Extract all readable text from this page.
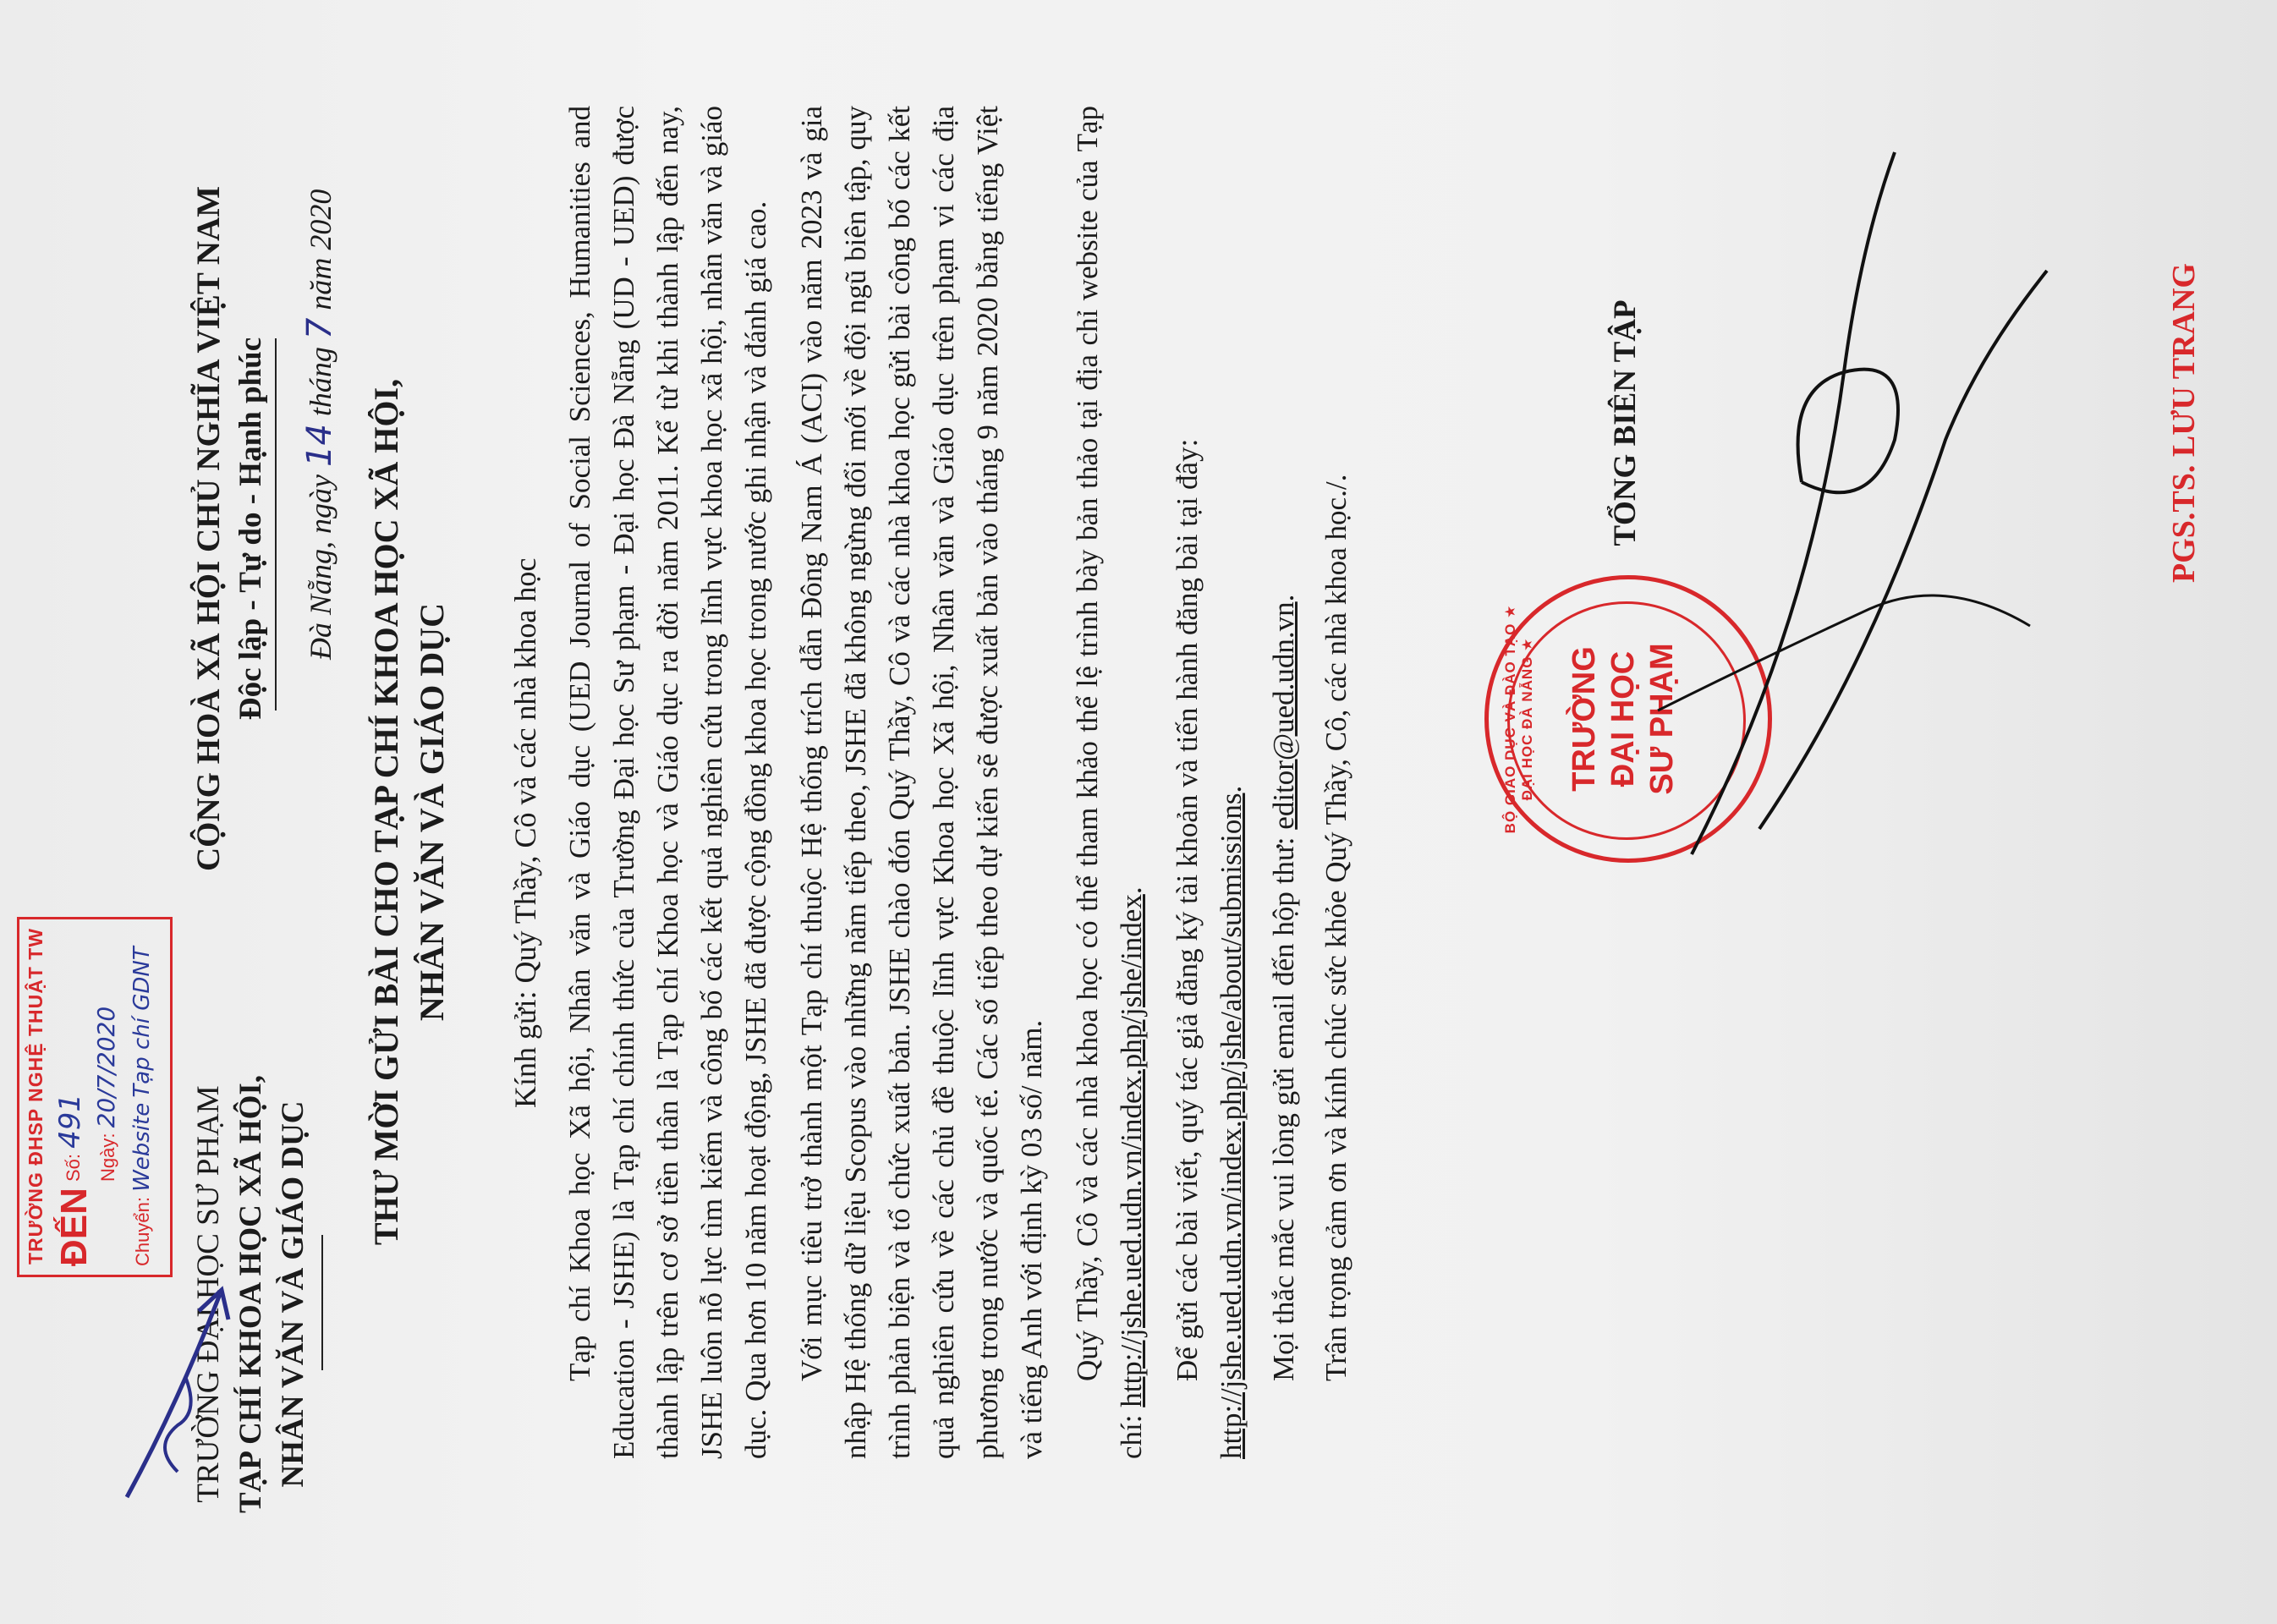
TRƯỜNG ĐẠI HỌC SƯ PHẠM TẠP CHÍ KHOA HỌC XÃ HỘI, NHÂN VĂN VÀ GIÁO DỤC
CỘNG HOÀ XÃ HỘI CHỦ NGHĨA VIỆT NAM Độc lập - Tự do - Hạnh phúc Đà Nẵng, ngày 14 tháng 7 năm 2020
TRƯỜNG ĐHSP NGHỆ THUẬT TW ĐẾN
Số: 491
Ngày: 20/7/2020
Chuyển: Website Tạp chí GDNT	THƯ MỜI GỬI BÀI CHO TẠP CHÍ KHOA HỌC XÃ HỘI, NHÂN VĂN VÀ GIÁO DỤC Kính gửi: Quý Thầy, Cô và các nhà khoa học Tạp chí Khoa học Xã hội, Nhân văn và Giáo dục (UED Journal of Social Sciences, Humanities and Education - JSHE) là Tạp chí chính thức của Trường Đại học Sư phạm - Đại học Đà Nẵng (UD - UED) được thành lập trên cơ sở tiền thân là Tạp chí Khoa học và Giáo dục ra đời năm 2011. Kể từ khi thành lập đến nay, JSHE luôn nỗ lực tìm kiếm và công bố các kết quả nghiên cứu trong lĩnh vực khoa học xã hội, nhân văn và giáo dục. Qua hơn 10 năm hoạt động, JSHE đã được cộng đồng khoa học trong nước ghi nhận và đánh giá cao. Với mục tiêu trở thành một Tạp chí thuộc Hệ thống trích dẫn Đông Nam Á (ACI) vào năm 2023 và gia nhập Hệ thống dữ liệu Scopus vào những năm tiếp theo, JSHE đã không ngừng đổi mới về đội ngũ biên tập, quy trình phản biện và tổ chức xuất bản. JSHE chào đón Quý Thầy, Cô và các nhà khoa học gửi bài công bố các kết quả nghiên cứu về các chủ đề thuộc lĩnh vực Khoa học Xã hội, Nhân văn và Giáo dục trên phạm vi các địa phương trong nước và quốc tế. Các số tiếp theo dự kiến sẽ được xuất bản vào tháng 9 năm 2020 bằng tiếng Việt và tiếng Anh với định kỳ 03 số/ năm. Quý Thầy, Cô và các nhà khoa học có thể tham khảo thể lệ trình bày bản thảo tại địa chỉ website của Tạp chí: http://jshe.ued.udn.vn/index.php/jshe/index. Để gửi các bài viết, quý tác giả đăng ký tài khoản và tiến hành đăng bài tại đây: http://jshe.ued.udn.vn/index.php/jshe/about/submissions.

Mọi thắc mắc vui lòng gửi email đến hộp thư: editor@ued.udn.vn. Trân trọng cảm ơn và kính chúc sức khỏe Quý Thầy, Cô, các nhà khoa học./.

TỔNG BIÊN TẬP
BỘ GIÁO DỤC VÀ ĐÀO TẠO ★ ĐẠI HỌC ĐÀ NẴNG ★ TRƯỜNG ĐẠI HỌC SƯ PHẠM
PGS.TS. LƯU TRANG
